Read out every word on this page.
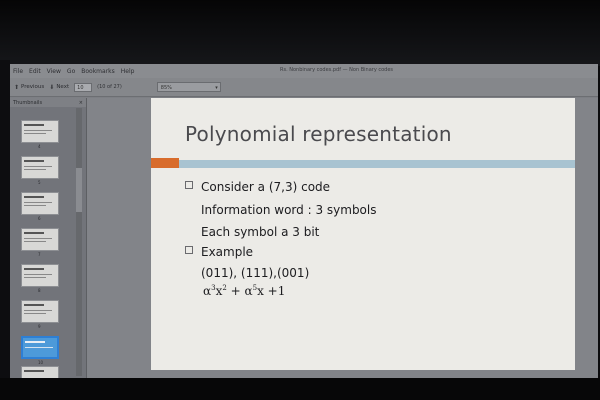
File Edit View Go Bookmarks Help	Rs. Nonbinary codes.pdf — Non Binary codes
⬆ Previous ⬇ Next	10	(10 of 27)	85%	▾
Thumbnails	×
4
5
6
7
8
9
10
Polynomial representation
Consider a (7,3) code
Information word : 3 symbols
Each symbol a 3 bit
Example
(011), (111),(001)
$\alpha^3x^2 + \alpha^5x +1$
